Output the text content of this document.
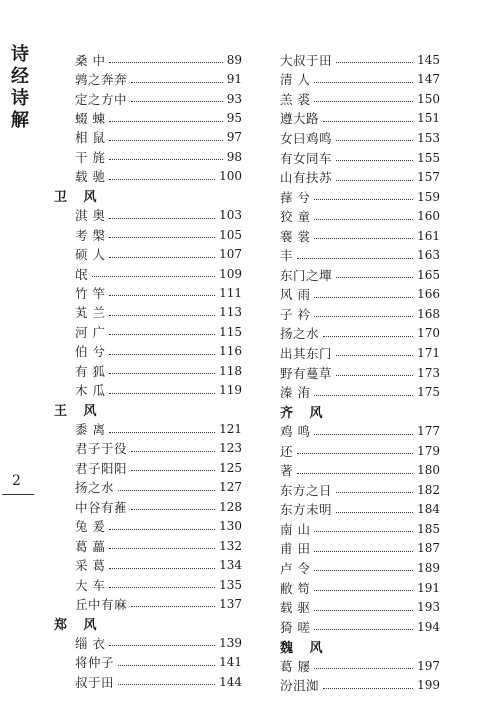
诗
经
诗
解
2
桑 中	89
鹑之奔奔	91
定之方中	93
蝃 蝀	95
相 鼠	97
干 旄	98
载 驰	100
卫 风
淇 奥	103
考 槃	105
硕 人	107
氓	109
竹 竿	111
芄 兰	113
河 广	115
伯 兮	116
有 狐	118
木 瓜	119
王 风
黍 离	121
君子于役	123
君子阳阳	125
扬之水	127
中谷有蓷	128
兔 爰	130
葛 藟	132
采 葛	134
大 车	135
丘中有麻	137
郑 风
缁 衣	139
将仲子	141
叔于田	144
大叔于田	145
清 人	147
羔 裘	150
遵大路	151
女曰鸡鸣	153
有女同车	155
山有扶苏	157
萚 兮	159
狡 童	160
褰 裳	161
丰	163
东门之墠	165
风 雨	166
子 衿	168
扬之水	170
出其东门	171
野有蔓草	173
溱 洧	175
齐 风
鸡 鸣	177
还	179
著	180
东方之日	182
东方未明	184
南 山	185
甫 田	187
卢 令	189
敝 笱	191
载 驱	193
猗 嗟	194
魏 风
葛 屦	197
汾沮洳	199
